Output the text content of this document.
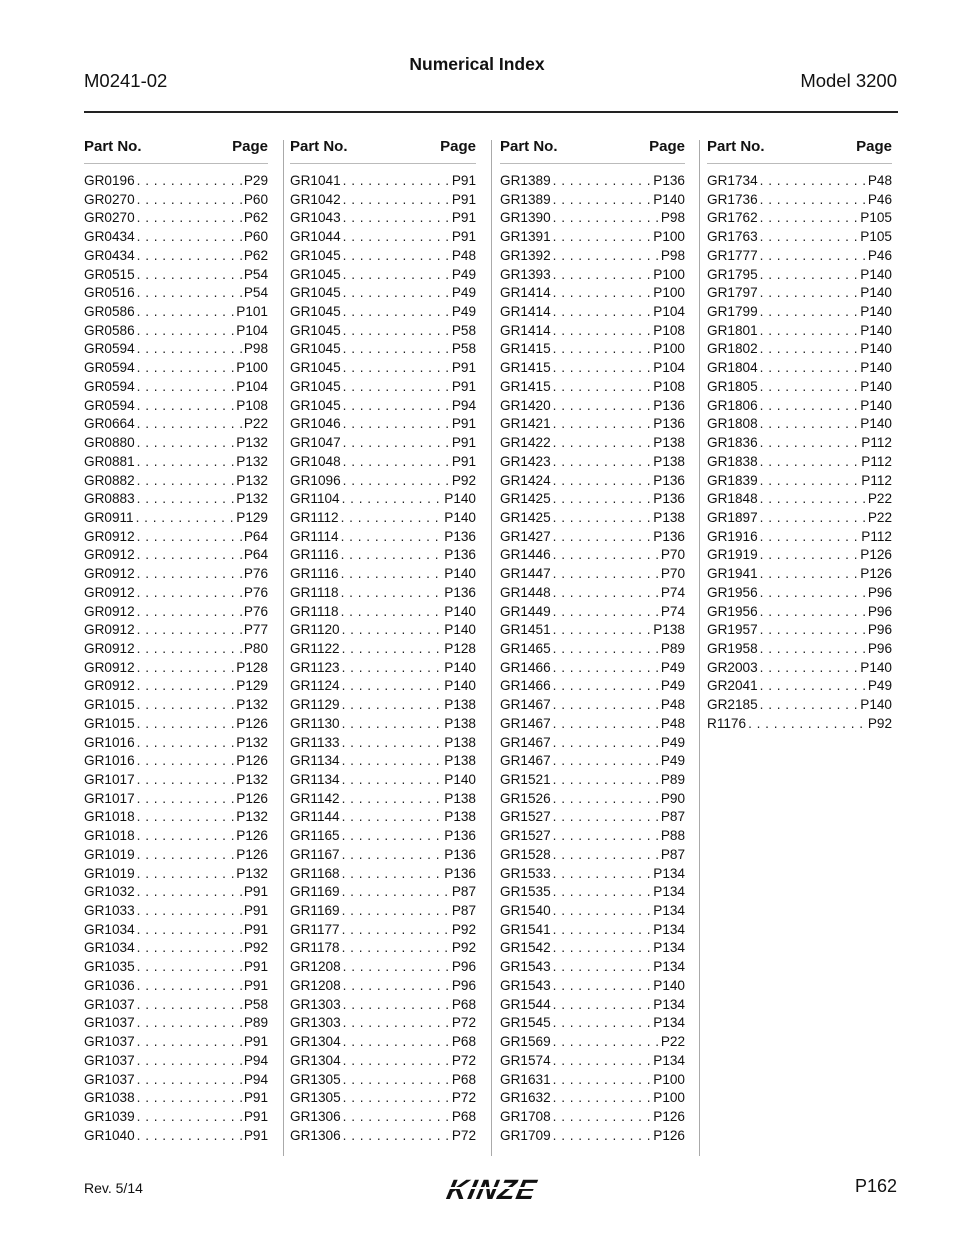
Numerical Index
M0241-02	Model 3200
Part No.	Page
GR0196 . . .	P29
GR0270 . . .	P60
GR0270 . . .	P62
GR0434 . . .	P60
GR0434 . . .	P62
GR0515 . . .	P54
GR0516 . . .	P54
GR0586 . . .	P101
GR0586 . . .	P104
GR0594 . . .	P98
GR0594 . . .	P100
GR0594 . . .	P104
GR0594 . . .	P108
GR0664 . . .	P22
GR0880 . . .	P132
GR0881 . . .	P132
GR0882 . . .	P132
GR0883 . . .	P132
GR0911 . . .	P129
GR0912 . . .	P64
GR0912 . . .	P64
GR0912 . . .	P76
GR0912 . . .	P76
GR0912 . . .	P76
GR0912 . . .	P77
GR0912 . . .	P80
GR0912 . . .	P128
GR0912 . . .	P129
GR1015 . . .	P132
GR1015 . . .	P126
GR1016 . . .	P132
GR1016 . . .	P126
GR1017 . . .	P132
GR1017 . . .	P126
GR1018 . . .	P132
GR1018 . . .	P126
GR1019 . . .	P126
GR1019 . . .	P132
GR1032 . . .	P91
GR1033 . . .	P91
GR1034 . . .	P91
GR1034 . . .	P92
GR1035 . . .	P91
GR1036 . . .	P91
GR1037 . . .	P58
GR1037 . . .	P89
GR1037 . . .	P91
GR1037 . . .	P94
GR1037 . . .	P94
GR1038 . . .	P91
GR1039 . . .	P91
GR1040 . . .	P91
Part No.	Page
GR1041 . . .	P91
GR1042 . . .	P91
GR1043 . . .	P91
GR1044 . . .	P91
GR1045 . . .	P48
GR1045 . . .	P49
GR1045 . . .	P49
GR1045 . . .	P49
GR1045 . . .	P58
GR1045 . . .	P58
GR1045 . . .	P91
GR1045 . . .	P91
GR1045 . . .	P94
GR1046 . . .	P91
GR1047 . . .	P91
GR1048 . . .	P91
GR1096 . . .	P92
GR1104 . . .	P140
GR1112 . . .	P140
GR1114 . . .	P136
GR1116 . . .	P136
GR1116 . . .	P140
GR1118 . . .	P136
GR1118 . . .	P140
GR1120 . . .	P140
GR1122 . . .	P128
GR1123 . . .	P140
GR1124 . . .	P140
GR1129 . . .	P138
GR1130 . . .	P138
GR1133 . . .	P138
GR1134 . . .	P138
GR1134 . . .	P140
GR1142 . . .	P138
GR1144 . . .	P138
GR1165 . . .	P136
GR1167 . . .	P136
GR1168 . . .	P136
GR1169 . . .	P87
GR1169 . . .	P87
GR1177 . . .	P92
GR1178 . . .	P92
GR1208 . . .	P96
GR1208 . . .	P96
GR1303 . . .	P68
GR1303 . . .	P72
GR1304 . . .	P68
GR1304 . . .	P72
GR1305 . . .	P68
GR1305 . . .	P72
GR1306 . . .	P68
GR1306 . . .	P72
Part No.	Page
GR1389 . . .	P136
GR1389 . . .	P140
GR1390 . . .	P98
GR1391 . . .	P100
GR1392 . . .	P98
GR1393 . . .	P100
GR1414 . . .	P100
GR1414 . . .	P104
GR1414 . . .	P108
GR1415 . . .	P100
GR1415 . . .	P104
GR1415 . . .	P108
GR1420 . . .	P136
GR1421 . . .	P136
GR1422 . . .	P138
GR1423 . . .	P138
GR1424 . . .	P136
GR1425 . . .	P136
GR1425 . . .	P138
GR1427 . . .	P136
GR1446 . . .	P70
GR1447 . . .	P70
GR1448 . . .	P74
GR1449 . . .	P74
GR1451 . . .	P138
GR1465 . . .	P89
GR1466 . . .	P49
GR1466 . . .	P49
GR1467 . . .	P48
GR1467 . . .	P48
GR1467 . . .	P49
GR1467 . . .	P49
GR1521 . . .	P89
GR1526 . . .	P90
GR1527 . . .	P87
GR1527 . . .	P88
GR1528 . . .	P87
GR1533 . . .	P134
GR1535 . . .	P134
GR1540 . . .	P134
GR1541 . . .	P134
GR1542 . . .	P134
GR1543 . . .	P134
GR1543 . . .	P140
GR1544 . . .	P134
GR1545 . . .	P134
GR1569 . . .	P22
GR1574 . . .	P134
GR1631 . . .	P100
GR1632 . . .	P100
GR1708 . . .	P126
GR1709 . . .	P126
Part No.	Page
GR1734 . . .	P48
GR1736 . . .	P46
GR1762 . . .	P105
GR1763 . . .	P105
GR1777 . . .	P46
GR1795 . . .	P140
GR1797 . . .	P140
GR1799 . . .	P140
GR1801 . . .	P140
GR1802 . . .	P140
GR1804 . . .	P140
GR1805 . . .	P140
GR1806 . . .	P140
GR1808 . . .	P140
GR1836 . . .	P112
GR1838 . . .	P112
GR1839 . . .	P112
GR1848 . . .	P22
GR1897 . . .	P22
GR1916 . . .	P112
GR1919 . . .	P126
GR1941 . . .	P126
GR1956 . . .	P96
GR1956 . . .	P96
GR1957 . . .	P96
GR1958 . . .	P96
GR2003 . . .	P140
GR2041 . . .	P49
GR2185 . . .	P140
R1176 . . .	P92
Rev. 5/14	KINZE	P162
